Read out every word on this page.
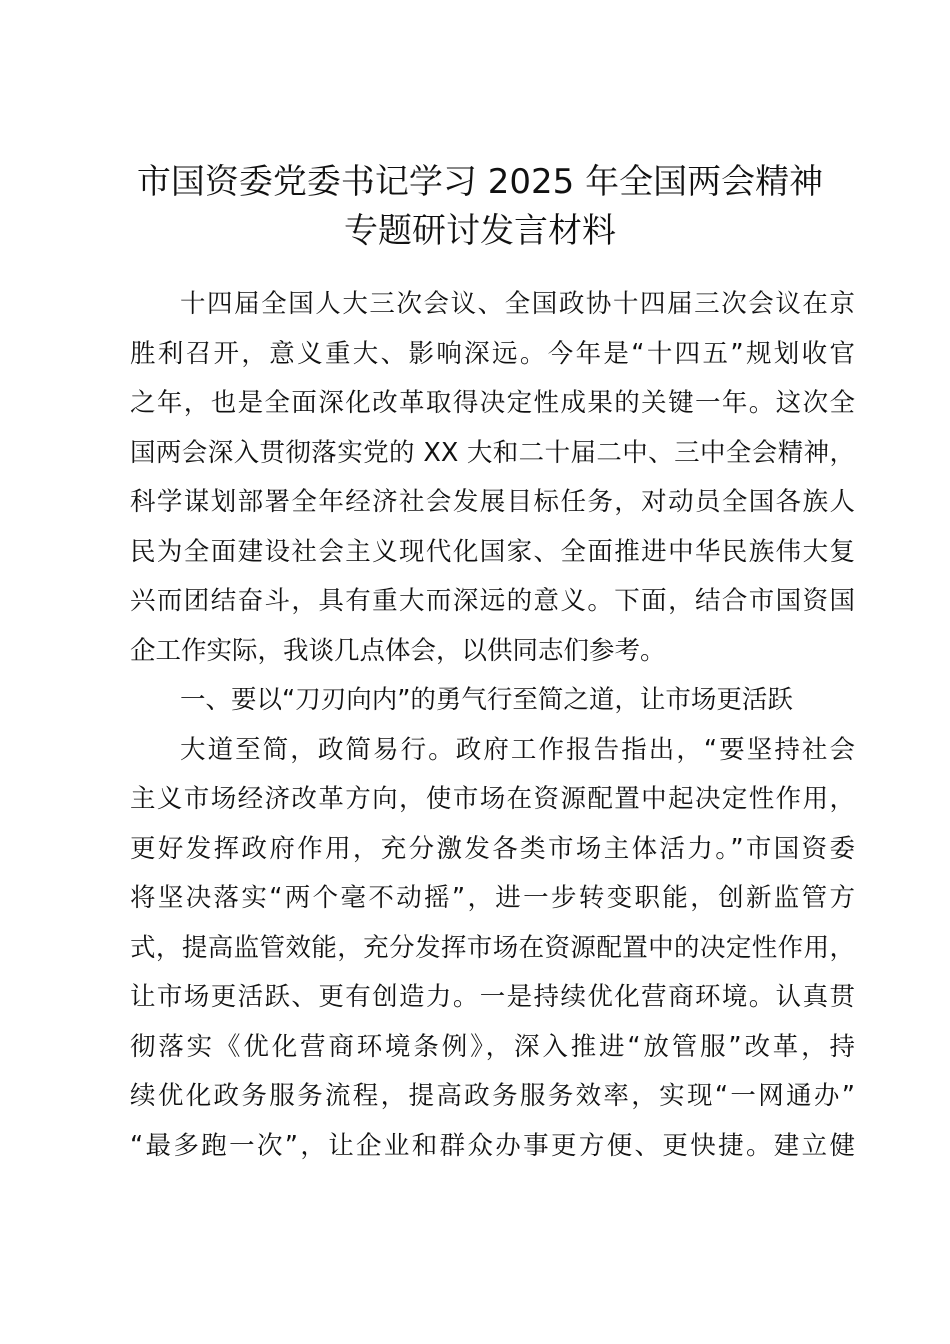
市国资委党委书记学习 2025 年全国两会精神
专题研讨发言材料
十四届全国人大三次会议、全国政协十四届三次会议在京
胜利召开，意义重大、影响深远。今年是“十四五”规划收官
之年，也是全面深化改革取得决定性成果的关键一年。这次全
国两会深入贯彻落实党的 XX 大和二十届二中、三中全会精神，
科学谋划部署全年经济社会发展目标任务，对动员全国各族人
民为全面建设社会主义现代化国家、全面推进中华民族伟大复
兴而团结奋斗，具有重大而深远的意义。下面，结合市国资国
企工作实际，我谈几点体会，以供同志们参考。
一、要以“刀刃向内”的勇气行至简之道，让市场更活跃
大道至简，政简易行。政府工作报告指出，“要坚持社会
主义市场经济改革方向，使市场在资源配置中起决定性作用，
更好发挥政府作用，充分激发各类市场主体活力。”市国资委
将坚决落实“两个毫不动摇”，进一步转变职能，创新监管方
式，提高监管效能，充分发挥市场在资源配置中的决定性作用，
让市场更活跃、更有创造力。一是持续优化营商环境。认真贯
彻落实《优化营商环境条例》，深入推进“放管服”改革，持
续优化政务服务流程，提高政务服务效率，实现“一网通办”
“最多跑一次”，让企业和群众办事更方便、更快捷。建立健
